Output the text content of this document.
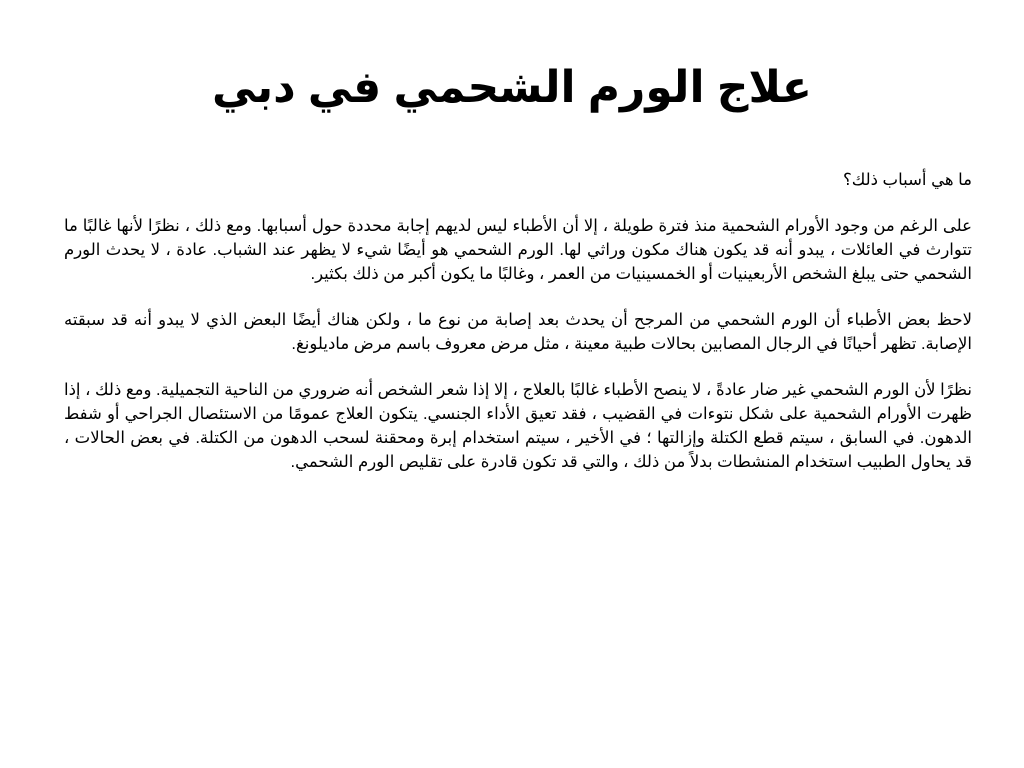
علاج الورم الشحمي في دبي

ما هي أسباب ذلك؟

على الرغم من وجود الأورام الشحمية منذ فترة طويلة ، إلا أن الأطباء ليس لديهم إجابة محددة حول أسبابها. ومع ذلك ، نظرًا لأنها غالبًا ما تتوارث في العائلات ، يبدو أنه قد يكون هناك مكون وراثي لها. الورم الشحمي هو أيضًا شيء لا يظهر عند الشباب. عادة ، لا يحدث الورم الشحمي حتى يبلغ الشخص الأربعينيات أو الخمسينيات من العمر ، وغالبًا ما يكون أكبر من ذلك بكثير.

لاحظ بعض الأطباء أن الورم الشحمي من المرجح أن يحدث بعد إصابة من نوع ما ، ولكن هناك أيضًا البعض الذي لا يبدو أنه قد سبقته الإصابة. تظهر أحيانًا في الرجال المصابين بحالات طبية معينة ، مثل مرض معروف باسم مرض ماديلونغ.

نظرًا لأن الورم الشحمي غير ضار عادةً ، لا ينصح الأطباء غالبًا بالعلاج ، إلا إذا شعر الشخص أنه ضروري من الناحية التجميلية. ومع ذلك ، إذا ظهرت الأورام الشحمية على شكل نتوءات في القضيب ، فقد تعيق الأداء الجنسي. يتكون العلاج عمومًا من الاستئصال الجراحي أو شفط الدهون. في السابق ، سيتم قطع الكتلة وإزالتها ؛ في الأخير ، سيتم استخدام إبرة ومحقنة لسحب الدهون من الكتلة. في بعض الحالات ، قد يحاول الطبيب استخدام المنشطات بدلاً من ذلك ، والتي قد تكون قادرة على تقليص الورم الشحمي.
